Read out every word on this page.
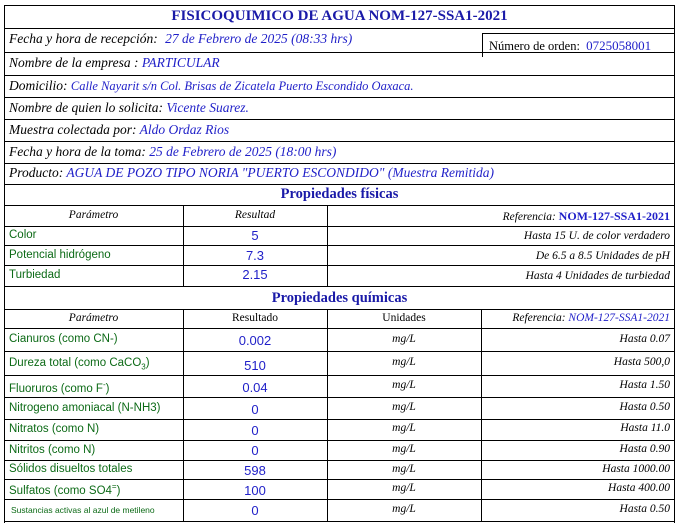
FISICOQUIMICO DE AGUA NOM-127-SSA1-2021
Fecha y hora de recepción: 27 de Febrero de 2025 (08:33 hrs)	Número de orden: 0725058001
Nombre de la empresa : PARTICULAR
Domicilio: Calle Nayarit s/n Col. Brisas de Zicatela Puerto Escondido Oaxaca.
Nombre de quien lo solicita: Vicente Suarez.
Muestra colectada por: Aldo Ordaz Rios
Fecha y hora de la toma: 25 de Febrero de 2025 (18:00 hrs)
Producto: AGUA DE POZO TIPO NORIA "PUERTO ESCONDIDO" (Muestra Remitida)
Propiedades físicas
Parámetro	Resultad	Referencia: NOM-127-SSA1-2021
Color	5	Hasta 15 U. de color verdadero
Potencial hidrógeno	7.3	De 6.5 a 8.5 Unidades de pH
Turbiedad	2.15	Hasta 4 Unidades de turbiedad
Propiedades químicas
Parámetro	Resultado	Unidades	Referencia: NOM-127-SSA1-2021
Cianuros (como CN-)	0.002	mg/L	Hasta 0.07
Dureza total (como CaCO$_3$)	510	mg/L	Hasta 500,0
Fluoruros (como F-)	0.04	mg/L	Hasta 1.50
Nitrogeno amoniacal (N-NH3)	0	mg/L	Hasta 0.50
Nitratos (como N)	0	mg/L	Hasta 11.0
Nitritos (como N)	0	mg/L	Hasta 0.90
Sólidos disueltos totales	598	mg/L	Hasta 1000.00
Sulfatos (como SO4=)	100	mg/L	Hasta 400.00
Sustancias activas al azul de metileno	0	mg/L	Hasta 0.50
